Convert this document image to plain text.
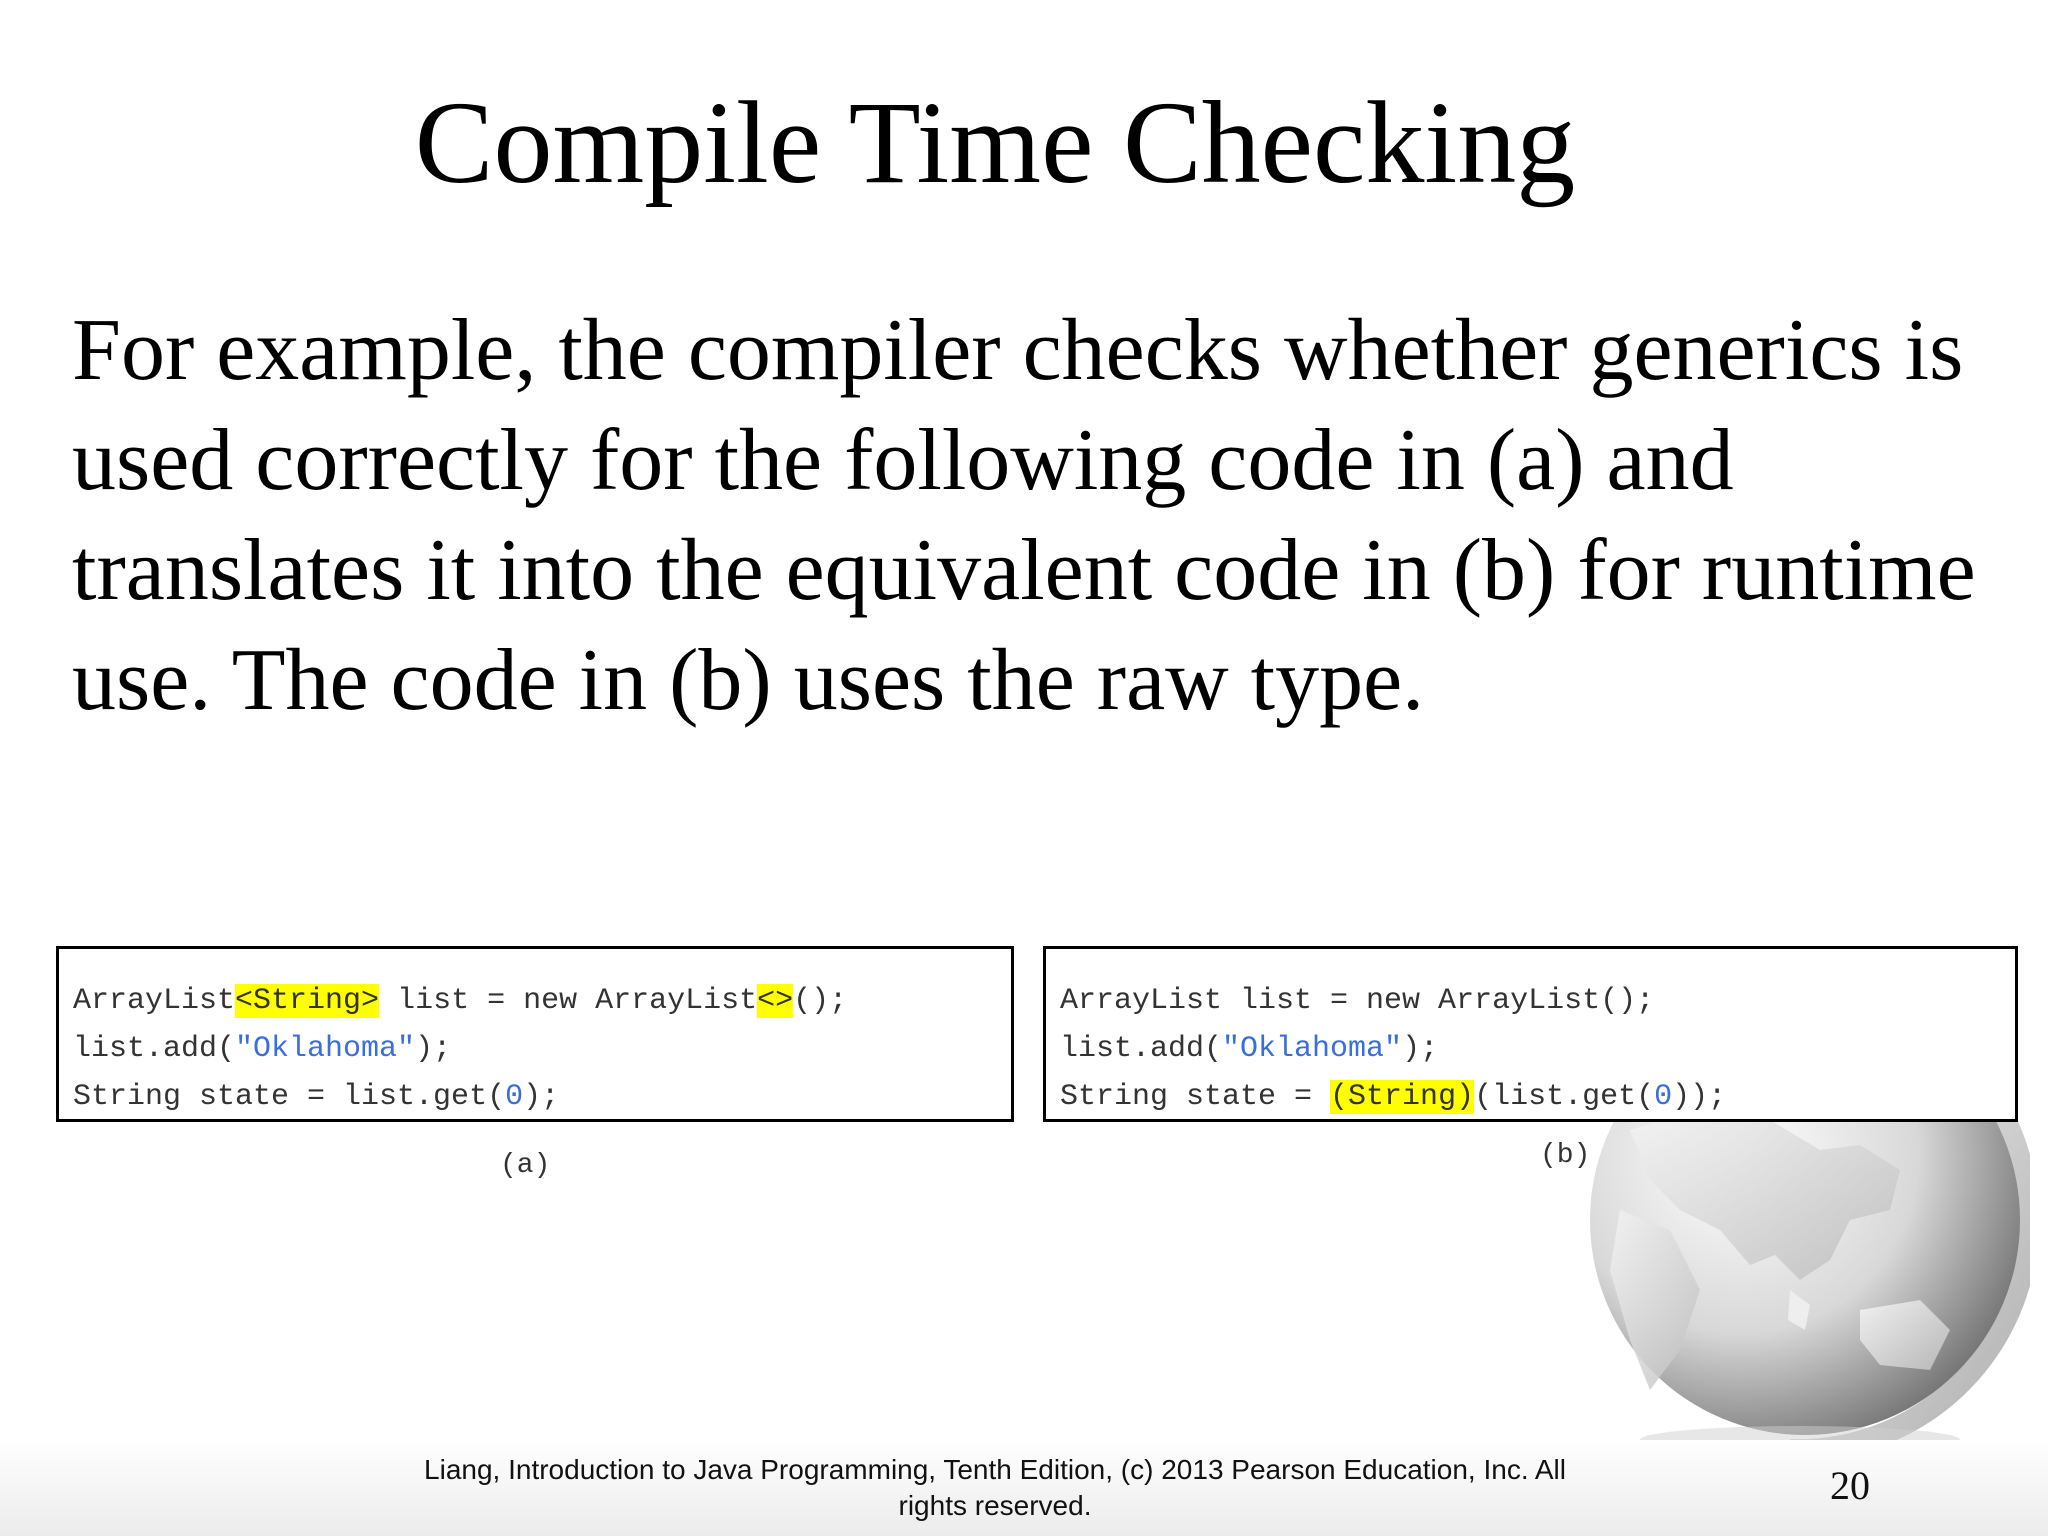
Compile Time Checking

For example, the compiler checks whether generics is used correctly for the following code in (a) and translates it into the equivalent code in (b) for runtime use. The code in (b) uses the raw type.

ArrayList<String> list = new ArrayList<>();
list.add("Oklahoma");
String state = list.get(0);
ArrayList list = new ArrayList();
list.add("Oklahoma");
String state = (String)(list.get(0));
(a)	(b)
Liang, Introduction to Java Programming, Tenth Edition, (c) 2013 Pearson Education, Inc. All rights reserved.	20
